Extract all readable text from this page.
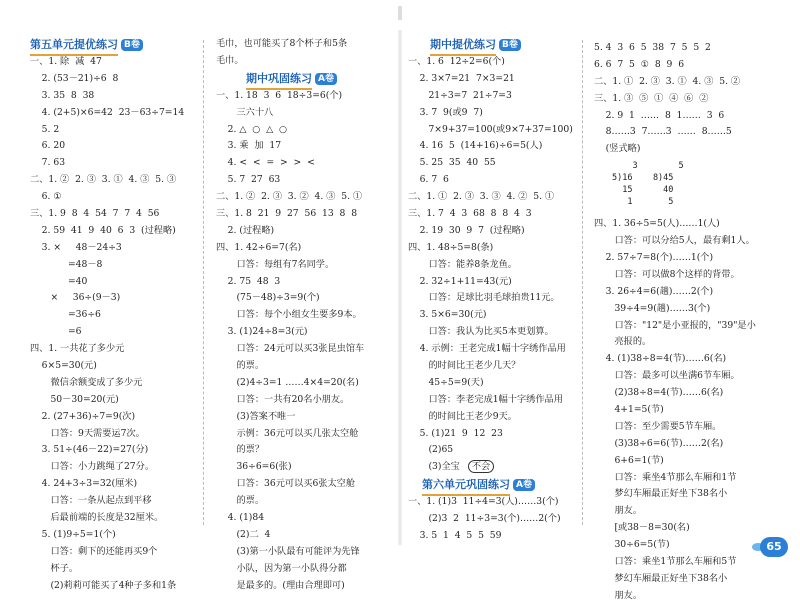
第五单元提优练习 B卷
一、1. 除  减  47
2. (53－21)÷6  8
3. 35  8  38
4. (2+5)×6=42  23－63÷7=14
5. 2
6. 20
7. 63
二、1. ②  2. ③  3. ①  4. ③  5. ③
6. ①
三、1. 9  8  4  54  7  7  4  56
2. 59  41  9  40  6  3  (过程略)
3. ×     48－24÷3
=48－8
=40
×     36÷(9－3)
=36÷6
=6
四、1. 一共花了多少元
6×5=30(元)
微信余额变成了多少元
50－30=20(元)
2. (27+36)÷7=9(次)
口答：9天需要运7次。
3. 51÷(46－22)=27(分)
口答：小力跳绳了27分。
4. 24+3÷3=32(厘米)
口答：一条从起点到平移
后最前端的长度是32厘米。
5. (1)9÷5=1(个)
口答：剩下的还能再买9个
杯子。
(2)莉莉可能买了4种子多和1条
毛巾，也可能买了8个杯子和5条
毛巾。
期中巩固练习 A卷
一、1. 18  3  6  18÷3=6(个)
三六十八
2. △  ○  △  ○
3. 乘  加  17
4. <  <  =  >  >  <
5. 7  27  63
二、1. ②  2. ③  3. ②  4. ③  5. ①
三、1. 8  21  9  27  56  13  8  8
2. (过程略)
四、1. 42÷6=7(名)
口答：每组有7名同学。
2. 75  48  3
(75－48)÷3=9(个)
口答：每个小组女生要多9本。
3. (1)24÷8=3(元)
口答：24元可以买3张昆虫馆车
的票。
(2)4÷3=1 ……4×4=20(名)
口答：一共有20名小朋友。
(3)答案不唯一
示例：36元可以买几张太空舱
的票？
36÷6=6(张)
口答：36元可以买6张太空舱
的票。
4. (1)84
(2)二  4
(3)第一小队最有可能评为先锋
小队，因为第一小队得分都
是最多的。(理由合理即可)
期中提优练习 B卷
一、1. 6  12÷2=6(个)
2. 3×7=21  7×3=21
21÷3=7  21÷7=3
3. 7  9(或9  7)
7×9+37=100(或9×7+37=100)
4. 16  5  (14+16)÷6=5(人)
5. 25  35  40  55
6. 7  6
二、1. ①  2. ③  3. ③  4. ②  5. ①
三、1. 7  4  3  68  8  8  4  3
2. 19  30  9  7  (过程略)
四、1. 48÷5=8(条)
口答：能养8条龙鱼。
2. 32÷1+11=43(元)
口答：足球比羽毛球拍贵11元。
3. 5×6=30(元)
口答：我认为比买5本更划算。
4. 示例：王老完成1幅十字绣作品用
的时间比王老少几天？
45÷5=9(天)
口答：李老完成1幅十字绣作品用
的时间比王老少9天。
5. (1)21  9  12  23
(2)65
(3)全宝 不会
第六单元巩固练习 A卷
一、1. (1)3  11÷4=3(人)……3(个)
(2)3  2  11÷3=3(个)……2(个)
3. 5  1  4  5  5  59
5. 4  3  6  5  38  7  5  5  2
6. 6  7  5  ①  8  9  6
二、1. ①  2. ③  3. ①  4. ③  5. ②
三、1. ③  ⑤  ①  ④  ⑥  ②
2. 9  1  ……  8  1……  3  6
8……3  7……3  ……  8……5
(竖式略)
3        5
5)16    8)45
15      40
1       5
四、1. 36÷5=5(人)……1(人)
口答：可以分给5人，最有剩1人。
2. 57÷7=8(个)……1(个)
口答：可以做8个这样的背带。
3. 26÷4=6(趟)……2(个)
39÷4=9(趟)……3(个)
口答："12"是小亚报的，"39"是小
亮报的。
4. (1)38÷8=4(节)……6(名)
口答：最多可以坐满6节车厢。
(2)38÷8=4(节)……6(名)
4+1=5(节)
口答：至少需要5节车厢。
(3)38÷6=6(节)……2(名)
6+6=1(节)
口答：乘坐4节那么车厢和1节
梦幻车厢最正好坐下38名小
朋友。
[或38－8=30(名)
30÷6=5(节)
口答：乘坐1节那么车厢和5节
梦幻车厢最正好坐下38名小
朋友。
65
